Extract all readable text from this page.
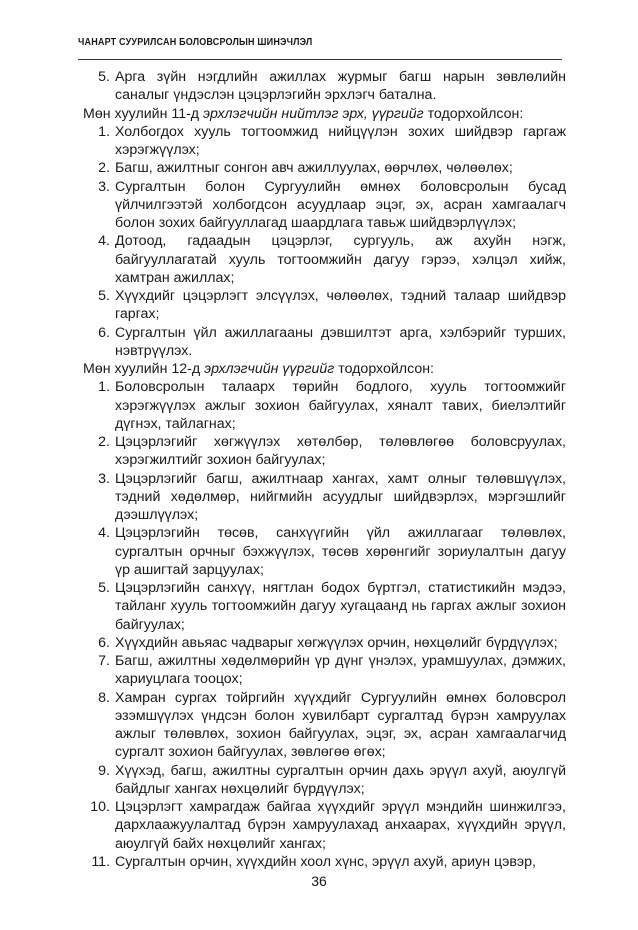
ЧАНАРТ СУУРИЛСАН БОЛОВСРОЛЫН ШИНЭЧЛЭЛ
5. Арга зүйн нэгдлийн ажиллах журмыг багш нарын зөвлөлийн саналыг үндэслэн цэцэрлэгийн эрхлэгч батална.
Мөн хуулийн 11-д эрхлэгчийн нийтлэг эрх, үүргийг тодорхойлсон:
1. Холбогдох хууль тогтоомжид нийцүүлэн зохих шийдвэр гаргаж хэрэгжүүлэх;
2. Багш, ажилтныг сонгон авч ажиллуулах, өөрчлөх, чөлөөлөх;
3. Сургалтын болон Сургуулийн өмнөх боловсролын бусад үйлчилгээтэй холбогдсон асуудлаар эцэг, эх, асран хамгаалагч болон зохих байгууллагад шаардлага тавьж шийдвэрлүүлэх;
4. Дотоод, гадаадын цэцэрлэг, сургууль, аж ахуйн нэгж, байгууллагатай хууль тогтоомжийн дагуу гэрээ, хэлцэл хийж, хамтран ажиллах;
5. Хүүхдийг цэцэрлэгт элсүүлэх, чөлөөлөх, тэдний талаар шийдвэр гаргах;
6. Сургалтын үйл ажиллагааны дэвшилтэт арга, хэлбэрийг турших, нэвтрүүлэх.
Мөн хуулийн 12-д эрхлэгчийн үүргийг тодорхойлсон:
1. Боловсролын талаарх төрийн бодлого, хууль тогтоомжийг хэрэгжүүлэх ажлыг зохион байгуулах, хяналт тавих, биелэлтийг дүгнэх, тайлагнах;
2. Цэцэрлэгийг хөгжүүлэх хөтөлбөр, төлөвлөгөө боловсруулах, хэрэгжилтийг зохион байгуулах;
3. Цэцэрлэгийг багш, ажилтнаар хангах, хамт олныг төлөвшүүлэх, тэдний хөдөлмөр, нийгмийн асуудлыг шийдвэрлэх, мэргэшлийг дээшлүүлэх;
4. Цэцэрлэгийн төсөв, санхүүгийн үйл ажиллагааг төлөвлөх, сургалтын орчныг бэхжүүлэх, төсөв хөрөнгийг зориулалтын дагуу үр ашигтай зарцуулах;
5. Цэцэрлэгийн санхүү, нягтлан бодох бүртгэл, статистикийн мэдээ, тайланг хууль тогтоомжийн дагуу хугацаанд нь гаргах ажлыг зохион байгуулах;
6. Хүүхдийн авьяас чадварыг хөгжүүлэх орчин, нөхцөлийг бүрдүүлэх;
7. Багш, ажилтны хөдөлмөрийн үр дүнг үнэлэх, урамшуулах, дэмжих, хариуцлага тооцох;
8. Хамран сургах тойргийн хүүхдийг Сургуулийн өмнөх боловсрол эзэмшүүлэх үндсэн болон хувилбарт сургалтад бүрэн хамруулах ажлыг төлөвлөх, зохион байгуулах, эцэг, эх, асран хамгаалагчид сургалт зохион байгуулах, зөвлөгөө өгөх;
9. Хүүхэд, багш, ажилтны сургалтын орчин дахь эрүүл ахуй, аюулгүй байдлыг хангах нөхцөлийг бүрдүүлэх;
10. Цэцэрлэгт хамрагдаж байгаа хүүхдийг эрүүл мэндийн шинжилгээ, дархлаажуулалтад бүрэн хамруулахад анхаарах, хүүхдийн эрүүл, аюулгүй байх нөхцөлийг хангах;
11. Сургалтын орчин, хүүхдийн хоол хүнс, эрүүл ахуй, ариун цэвэр,
36
